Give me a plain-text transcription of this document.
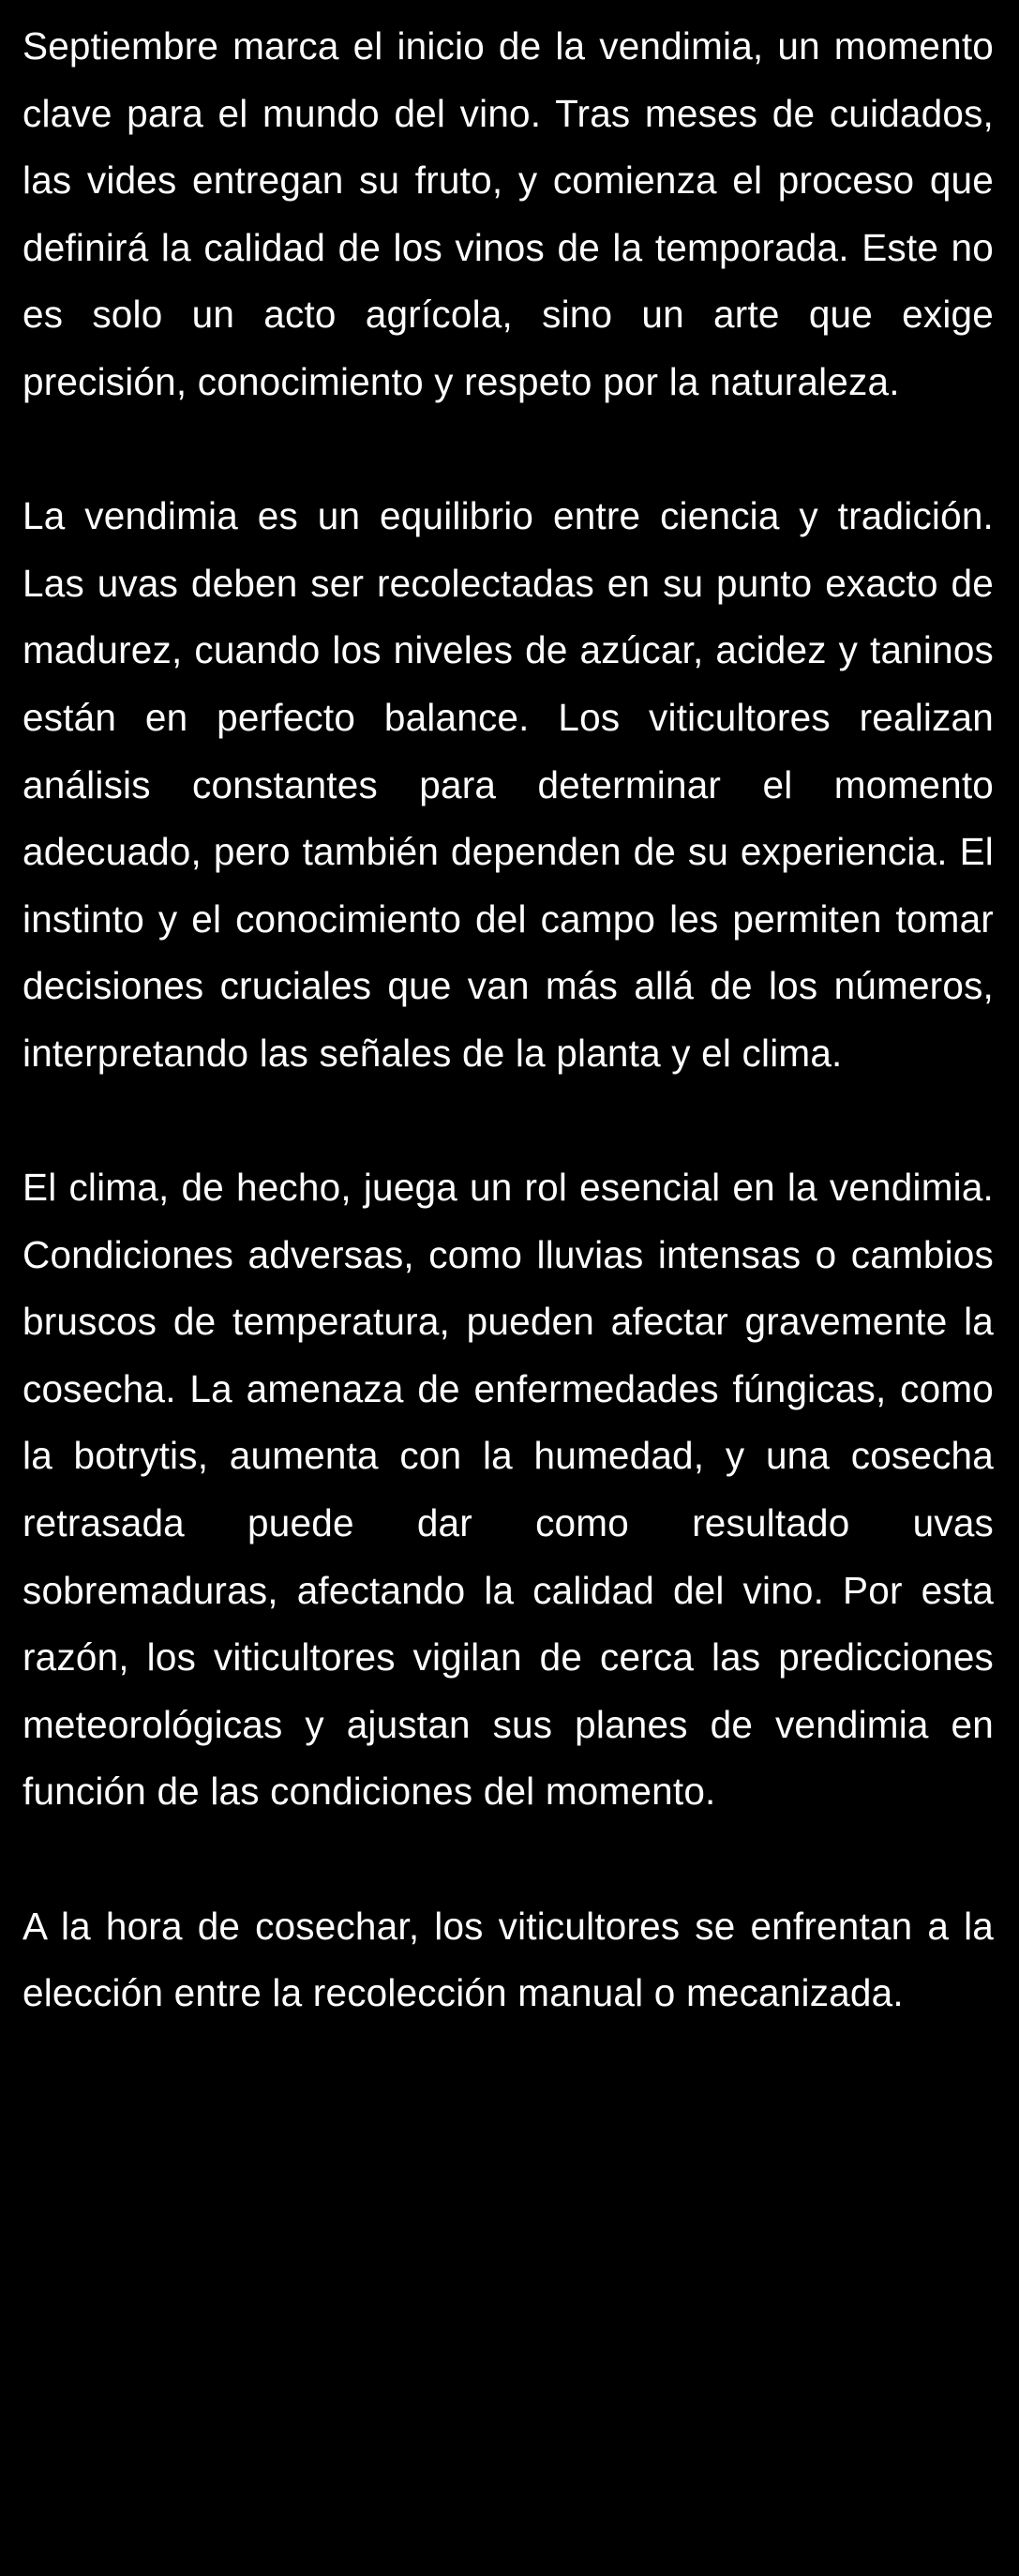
Septiembre marca el inicio de la vendimia, un momento clave para el mundo del vino. Tras meses de cuidados, las vides entregan su fruto, y comienza el proceso que definirá la calidad de los vinos de la temporada. Este no es solo un acto agrícola, sino un arte que exige precisión, conocimiento y respeto por la naturaleza.

La vendimia es un equilibrio entre ciencia y tradición. Las uvas deben ser recolectadas en su punto exacto de madurez, cuando los niveles de azúcar, acidez y taninos están en perfecto balance. Los viticultores realizan análisis constantes para determinar el momento adecuado, pero también dependen de su experiencia. El instinto y el conocimiento del campo les permiten tomar decisiones cruciales que van más allá de los números, interpretando las señales de la planta y el clima.

El clima, de hecho, juega un rol esencial en la vendimia. Condiciones adversas, como lluvias intensas o cambios bruscos de temperatura, pueden afectar gravemente la cosecha. La amenaza de enfermedades fúngicas, como la botrytis, aumenta con la humedad, y una cosecha retrasada puede dar como resultado uvas sobremaduras, afectando la calidad del vino. Por esta razón, los viticultores vigilan de cerca las predicciones meteorológicas y ajustan sus planes de vendimia en función de las condiciones del momento.

A la hora de cosechar, los viticultores se enfrentan a la elección entre la recolección manual o mecanizada.
